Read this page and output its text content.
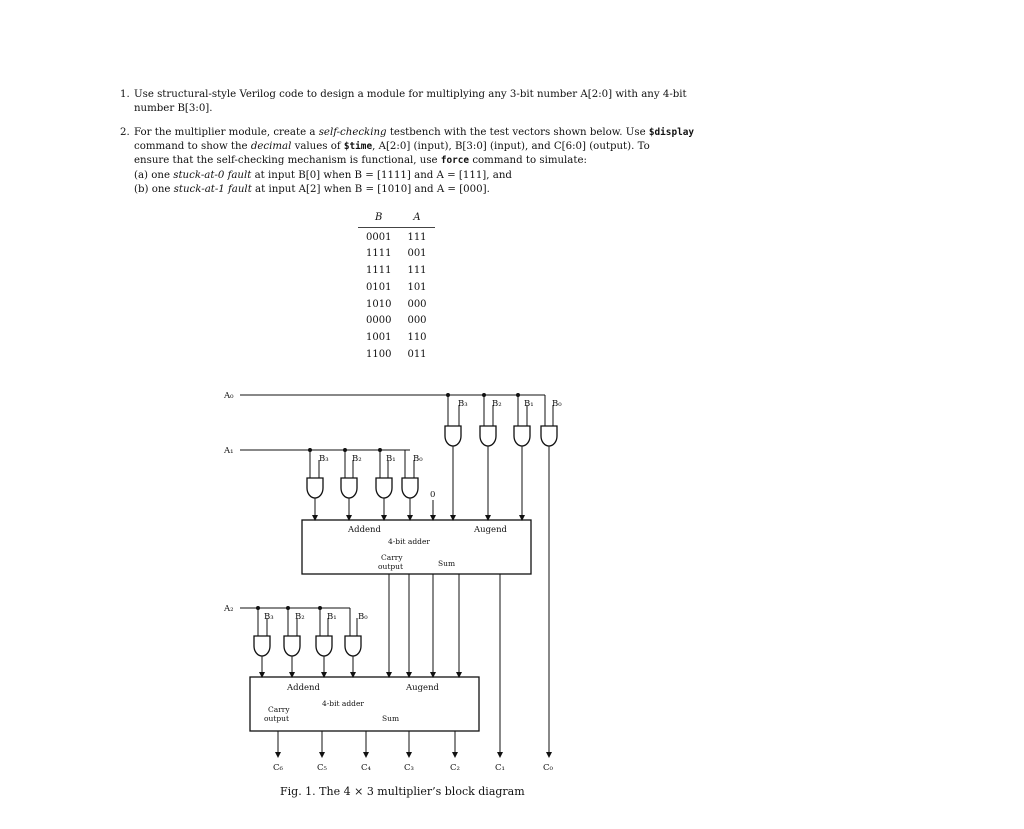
1. Use structural-style Verilog code to design a module for multiplying any 3-bit number A[2:0] with any 4-bit
number B[3:0].
2. For the multiplier module, create a self-checking testbench with the test vectors shown below. Use $display
command to show the decimal values of $time, A[2:0] (input), B[3:0] (input), and C[6:0] (output). To
ensure that the self-checking mechanism is functional, use force command to simulate:
(a) one stuck-at-0 fault at input B[0] when B = [1111] and A = [111], and
(b) one stuck-at-1 fault at input A[2] when B = [1010] and A = [000].
B	A
0001	111
1111	001
1111	111
0101	101
1010	000
0000	000
1001	110
1100	011
A₀
A₁
A₂
B₃	B₂	B₁ B₀
B₃	B₂	B₁ B₀
B₃	B₂	B₁	B₀
0
Addend	Augend
4-bit adder
Carry
output	Sum
Addend	Augend
4-bit adder
Carry
output	Sum
C₆	C₅	C₄	C₃	C₂	C₁	C₀
Fig. 1. The 4 × 3 multiplier’s block diagram
